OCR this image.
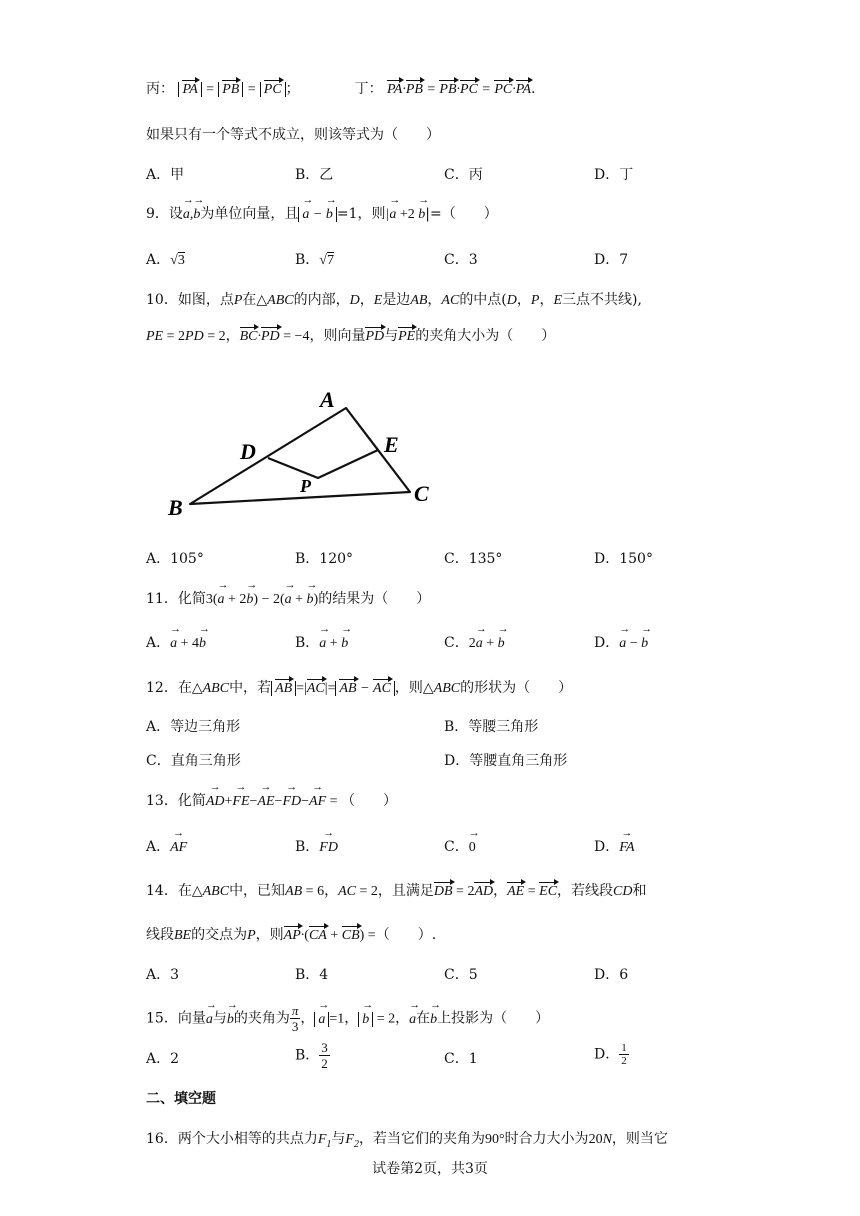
丙： PA = PB = PC ；	丁： PA·PB = PB·PC = PC·PA．
如果只有一个等式不成立，则该等式为（　　）
A．甲	B．乙	C．丙	D．丁
9．设→ a,→ b为单位向量，且 → a − → b =1，则|→ a +2 → b|=（　　）
A．√3	B．√7	C．3	D．7
10．如图，点P在△ABC的内部，D，E是边AB，AC的中点(D，P，E三点不共线),
PE = 2PD = 2，BC·PD = −4，则向量PD与PE的夹角大小为（　　）
A
B
C
D	E
P
A．105°	B．120°	C．135°	D．150°
11．化简3(→ a + 2→ b) − 2(→ a + → b)的结果为（　　）
A．→ a + 4→ b	B．→ a + → b	C．2→ a + → b	D．→ a − → b
12．在△ABC中，若 AB =|AC|= AB − AC ，则△ABC的形状为（　　）
A．等边三角形	B．等腰三角形
C．直角三角形	D．等腰直角三角形
13．化简→ AD+→ FE−→ AE−→ FD−→ AF = （　　）
A．→ AF	B．→ FD	C．→ 0	D．→ FA
14．在△ABC中，已知AB = 6，AC = 2，且满足DB = 2AD，AE = EC，若线段CD和
线段BE的交点为P，则AP·(CA + CB) =（　　）.
A．3	B．4	C．5	D．6
15．向量→ a与→ b的夹角为 $\frac{\pi}{3}$ ， → a =1， → b = 2，→ a在→ b上投影为（　　）
A．2	B． $\frac{3}{2}$	C．1	D． $\frac{1}{2}$
二、填空题
16．两个大小相等的共点力$F_1$与$F_2$，若当它们的夹角为90°时合力大小为20N，则当它
试卷第2页，共3页
